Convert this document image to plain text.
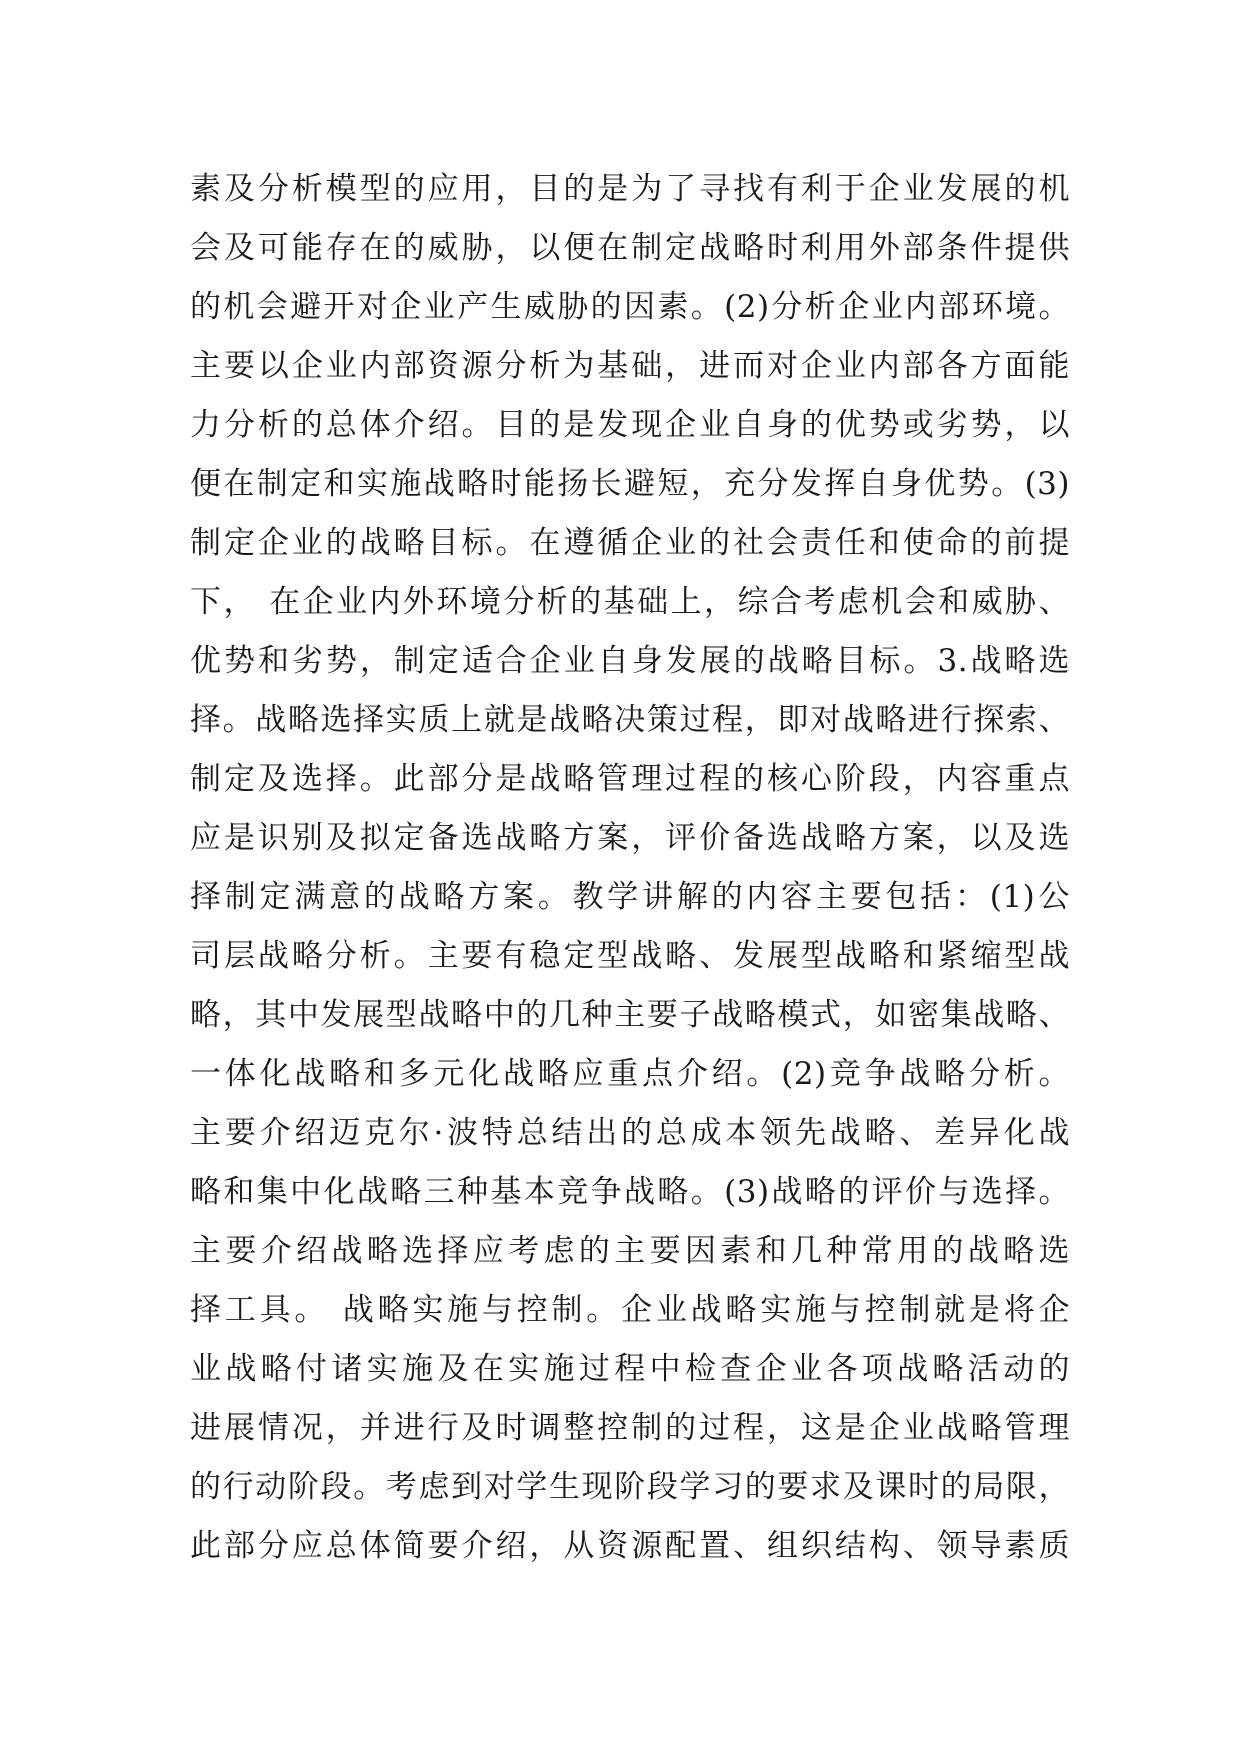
素及分析模型的应用，目的是为了寻找有利于企业发展的机
会及可能存在的威胁，以便在制定战略时利用外部条件提供
的机会避开对企业产生威胁的因素。(2)分析企业内部环境。
主要以企业内部资源分析为基础，进而对企业内部各方面能
力分析的总体介绍。目的是发现企业自身的优势或劣势，以
便在制定和实施战略时能扬长避短，充分发挥自身优势。(3)
制定企业的战略目标。在遵循企业的社会责任和使命的前提
下， 在企业内外环境分析的基础上，综合考虑机会和威胁、
优势和劣势，制定适合企业自身发展的战略目标。3.战略选
择。战略选择实质上就是战略决策过程，即对战略进行探索、
制定及选择。此部分是战略管理过程的核心阶段，内容重点
应是识别及拟定备选战略方案，评价备选战略方案，以及选
择制定满意的战略方案。教学讲解的内容主要包括：(1)公
司层战略分析。主要有稳定型战略、发展型战略和紧缩型战
略，其中发展型战略中的几种主要子战略模式，如密集战略、
一体化战略和多元化战略应重点介绍。(2)竞争战略分析。
主要介绍迈克尔·波特总结出的总成本领先战略、差异化战
略和集中化战略三种基本竞争战略。(3)战略的评价与选择。
主要介绍战略选择应考虑的主要因素和几种常用的战略选
择工具。 战略实施与控制。企业战略实施与控制就是将企
业战略付诸实施及在实施过程中检查企业各项战略活动的
进展情况，并进行及时调整控制的过程，这是企业战略管理
的行动阶段。考虑到对学生现阶段学习的要求及课时的局限，
此部分应总体简要介绍，从资源配置、组织结构、领导素质
